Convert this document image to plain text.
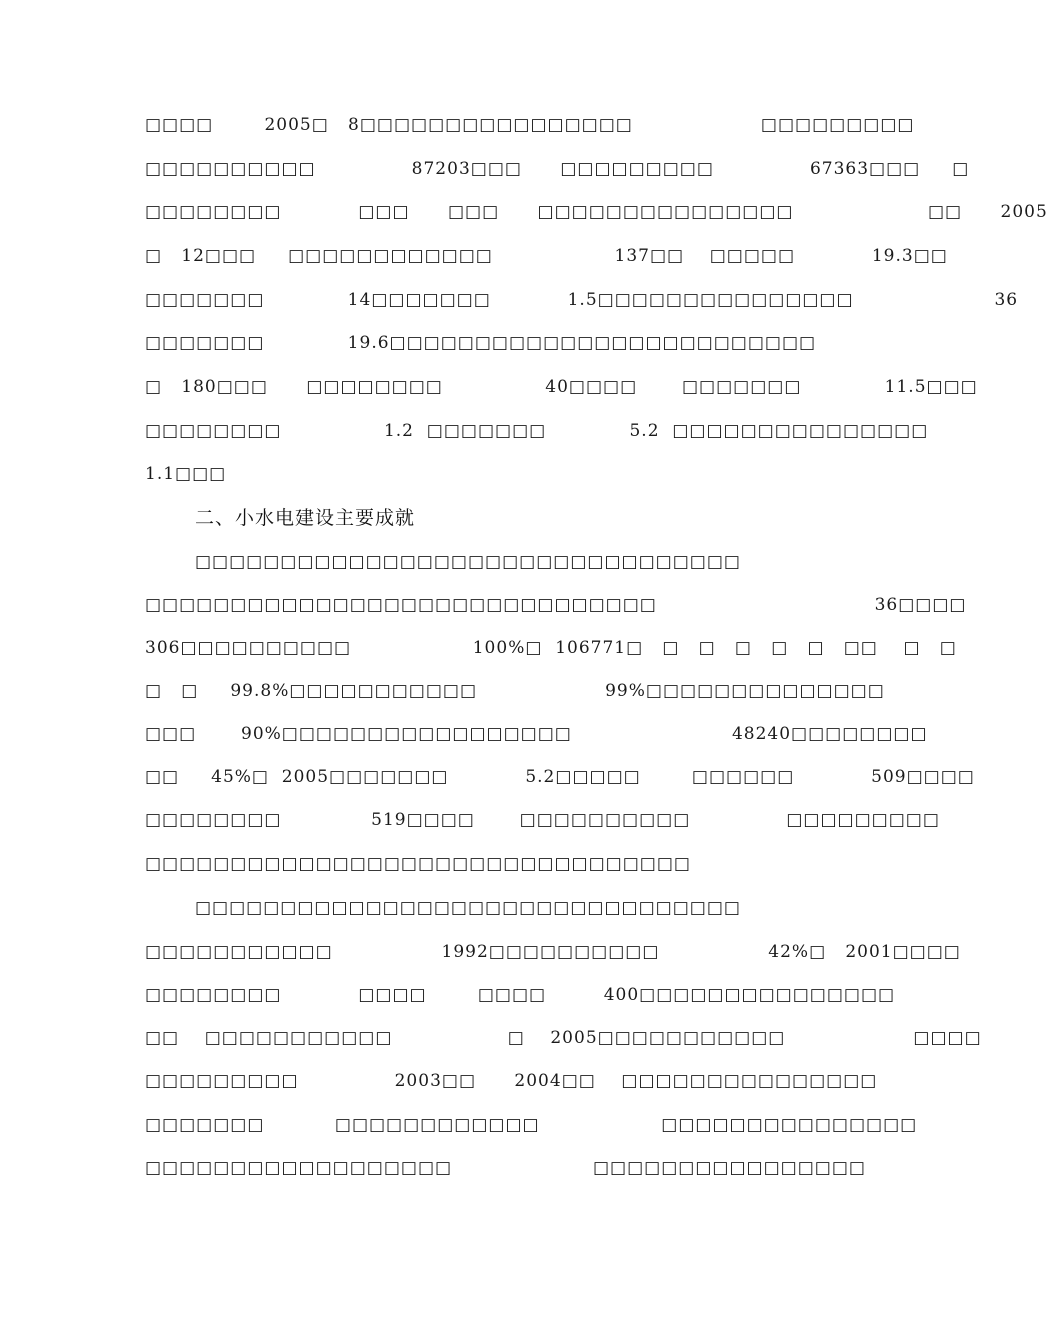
□□□□        2005□   8□□□□□□□□□□□□□□□□                    □□□□□□□□□
□□□□□□□□□□               87203□□□      □□□□□□□□□               67363□□□     □
□□□□□□□□            □□□      □□□      □□□□□□□□□□□□□□□                     □□      2005
□   12□□□     □□□□□□□□□□□□                   137□□    □□□□□            19.3□□
□□□□□□□             14□□□□□□□            1.5□□□□□□□□□□□□□□□                      36
□□□□□□□             19.6□□□□□□□□□□□□□□□□□□□□□□□□□
□   180□□□      □□□□□□□□                40□□□□       □□□□□□□             11.5□□□
□□□□□□□□                1.2  □□□□□□□             5.2  □□□□□□□□□□□□□□□
1.1□□□
二、小水电建设主要成就
□□□□□□□□□□□□□□□□□□□□□□□□□□□□□□□□
□□□□□□□□□□□□□□□□□□□□□□□□□□□□□□                                  36□□□□
306□□□□□□□□□□                   100%□  106771□   □   □   □   □   □   □□    □   □
□   □     99.8%□□□□□□□□□□□                    99%□□□□□□□□□□□□□□
□□□       90%□□□□□□□□□□□□□□□□□                         48240□□□□□□□□
□□     45%□  2005□□□□□□□            5.2□□□□□        □□□□□□            509□□□□
□□□□□□□□              519□□□□       □□□□□□□□□□               □□□□□□□□□
□□□□□□□□□□□□□□□□□□□□□□□□□□□□□□□□
□□□□□□□□□□□□□□□□□□□□□□□□□□□□□□□□
□□□□□□□□□□□                 1992□□□□□□□□□□                 42%□   2001□□□□
□□□□□□□□            □□□□        □□□□         400□□□□□□□□□□□□□□□
□□    □□□□□□□□□□□                  □    2005□□□□□□□□□□□                    □□□□
□□□□□□□□□               2003□□      2004□□    □□□□□□□□□□□□□□□
□□□□□□□           □□□□□□□□□□□□                   □□□□□□□□□□□□□□□
□□□□□□□□□□□□□□□□□□                      □□□□□□□□□□□□□□□□
